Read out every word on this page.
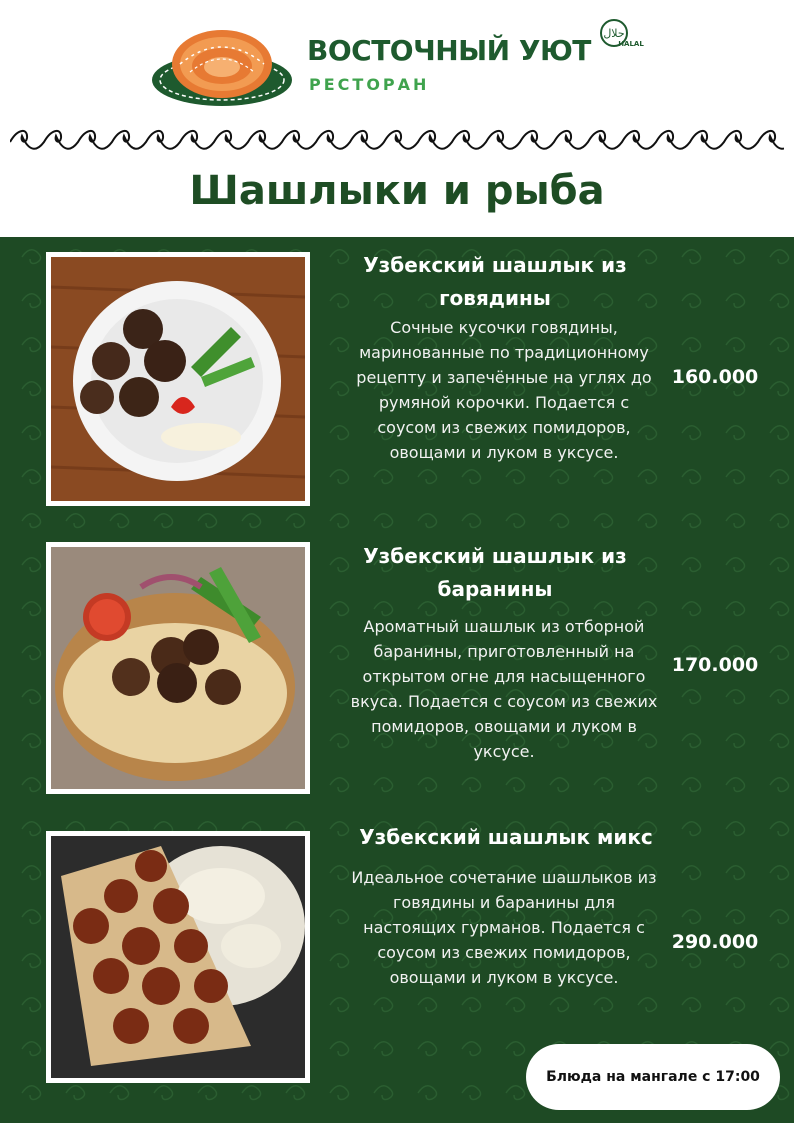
ВОСТОЧНЫЙ УЮТ
РЕСТОРАН
حلال
HALAL
Шашлыки и рыба
Узбекский шашлык из говядины
Сочные кусочки говядины, маринованные по традиционному рецепту и запечённые на углях до румяной корочки. Подается с соусом из свежих помидоров, овощами и луком в уксусе.
160.000
Узбекский шашлык из баранины
Ароматный шашлык из отборной баранины, приготовленный на открытом огне для насыщенного вкуса. Подается с соусом из свежих помидоров, овощами и луком в уксусе.
170.000
Узбекский шашлык микс
Идеальное сочетание шашлыков из говядины и баранины для настоящих гурманов. Подается с соусом из свежих помидоров, овощами и луком в уксусе.
290.000
Блюда на мангале с 17:00
